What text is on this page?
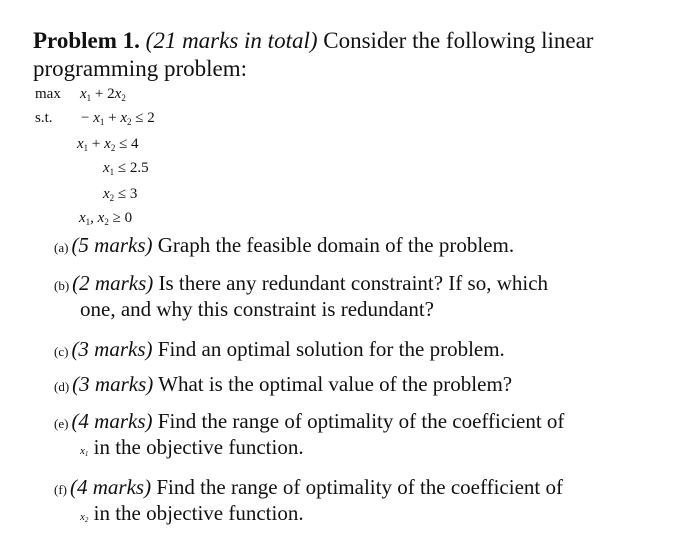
Problem 1. (21 marks in total) Consider the following linear
programming problem:
$\max x_1 + 2x_2$
s.t. − $x_1 + x_2 \le 2$
$x_1 + x_2 \le 4$
$x_1 \le 2.5$
$x_2 \le 3$
$x_1$, $x_2 \ge 0$
(a) (5 marks) Graph the feasible domain of the problem.
(b) (2 marks) Is there any redundant constraint? If so, which
one, and why this constraint is redundant?
(c) (3 marks) Find an optimal solution for the problem.
(d) (3 marks) What is the optimal value of the problem?
(e) (4 marks) Find the range of optimality of the coefficient of
$x_1$ in the objective function.
(f) (4 marks) Find the range of optimality of the coefficient of
$x_2$ in the objective function.
